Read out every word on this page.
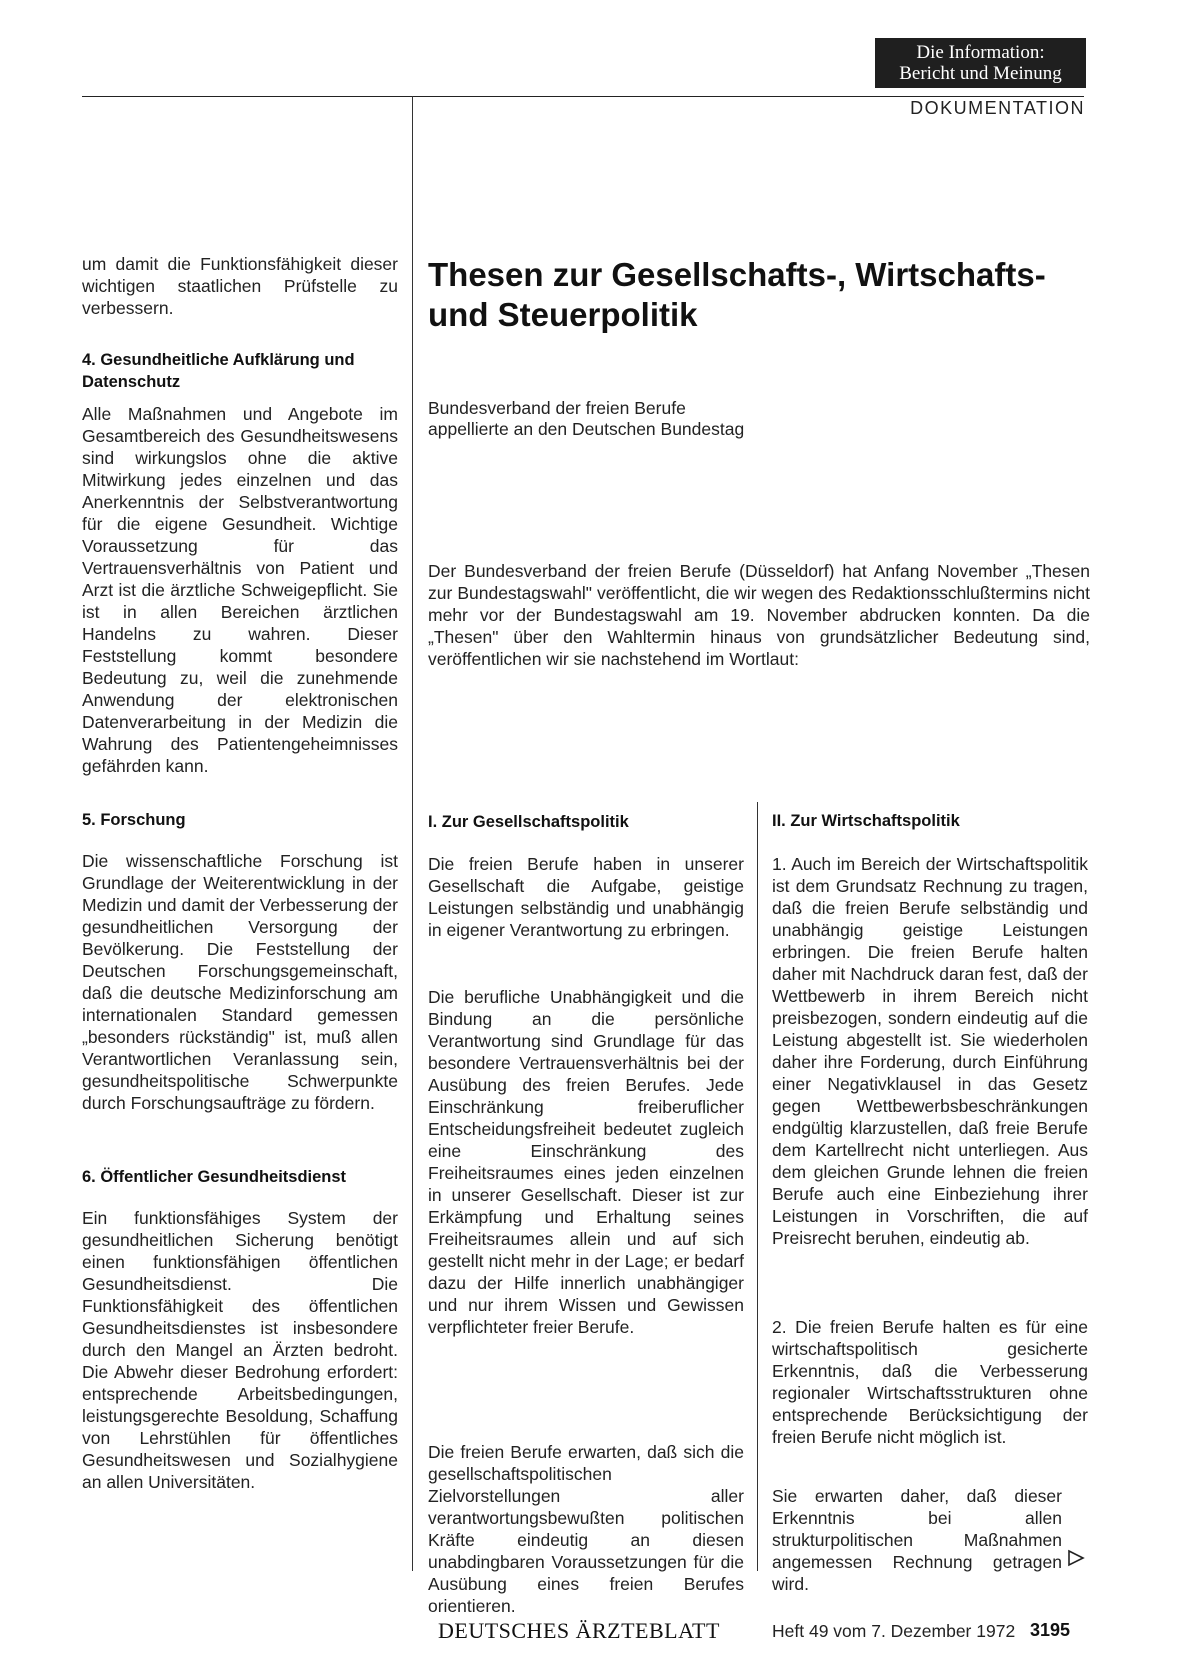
Die Information:
Bericht und Meinung
DOKUMENTATION
um damit die Funktionsfähigkeit dieser wichtigen staatlichen Prüfstelle zu verbessern.
4. Gesundheitliche Aufklärung und Datenschutz
Alle Maßnahmen und Angebote im Gesamtbereich des Gesundheitswesens sind wirkungslos ohne die aktive Mitwirkung jedes einzelnen und das Anerkenntnis der Selbstverantwortung für die eigene Gesundheit. Wichtige Voraussetzung für das Vertrauensverhältnis von Patient und Arzt ist die ärztliche Schweigepflicht. Sie ist in allen Bereichen ärztlichen Handelns zu wahren. Dieser Feststellung kommt besondere Bedeutung zu, weil die zunehmende Anwendung der elektronischen Datenverarbeitung in der Medizin die Wahrung des Patientengeheimnisses gefährden kann.
5. Forschung
Die wissenschaftliche Forschung ist Grundlage der Weiterentwicklung in der Medizin und damit der Verbesserung der gesundheitlichen Versorgung der Bevölkerung. Die Feststellung der Deutschen Forschungsgemeinschaft, daß die deutsche Medizinforschung am internationalen Standard gemessen „besonders rückständig" ist, muß allen Verantwortlichen Veranlassung sein, gesundheitspolitische Schwerpunkte durch Forschungsaufträge zu fördern.
6. Öffentlicher Gesundheitsdienst
Ein funktionsfähiges System der gesundheitlichen Sicherung benötigt einen funktionsfähigen öffentlichen Gesundheitsdienst. Die Funktionsfähigkeit des öffentlichen Gesundheitsdienstes ist insbesondere durch den Mangel an Ärzten bedroht. Die Abwehr dieser Bedrohung erfordert: entsprechende Arbeitsbedingungen, leistungsgerechte Besoldung, Schaffung von Lehrstühlen für öffentliches Gesundheitswesen und Sozialhygiene an allen Universitäten.
Thesen zur Gesellschafts-, Wirtschafts- und Steuerpolitik
Bundesverband der freien Berufe
appellierte an den Deutschen Bundestag
Der Bundesverband der freien Berufe (Düsseldorf) hat Anfang November „Thesen zur Bundestagswahl" veröffentlicht, die wir wegen des Redaktionsschlußtermins nicht mehr vor der Bundestagswahl am 19. November abdrucken konnten. Da die „Thesen" über den Wahltermin hinaus von grundsätzlicher Bedeutung sind, veröffentlichen wir sie nachstehend im Wortlaut:
I. Zur Gesellschaftspolitik
Die freien Berufe haben in unserer Gesellschaft die Aufgabe, geistige Leistungen selbständig und unabhängig in eigener Verantwortung zu erbringen.
Die berufliche Unabhängigkeit und die Bindung an die persönliche Verantwortung sind Grundlage für das besondere Vertrauensverhältnis bei der Ausübung des freien Berufes. Jede Einschränkung freiberuflicher Entscheidungsfreiheit bedeutet zugleich eine Einschränkung des Freiheitsraumes eines jeden einzelnen in unserer Gesellschaft. Dieser ist zur Erkämpfung und Erhaltung seines Freiheitsraumes allein und auf sich gestellt nicht mehr in der Lage; er bedarf dazu der Hilfe innerlich unabhängiger und nur ihrem Wissen und Gewissen verpflichteter freier Berufe.
Die freien Berufe erwarten, daß sich die gesellschaftspolitischen Zielvorstellungen aller verantwortungsbewußten politischen Kräfte eindeutig an diesen unabdingbaren Voraussetzungen für die Ausübung eines freien Berufes orientieren.
II. Zur Wirtschaftspolitik
1. Auch im Bereich der Wirtschaftspolitik ist dem Grundsatz Rechnung zu tragen, daß die freien Berufe selbständig und unabhängig geistige Leistungen erbringen. Die freien Berufe halten daher mit Nachdruck daran fest, daß der Wettbewerb in ihrem Bereich nicht preisbezogen, sondern eindeutig auf die Leistung abgestellt ist. Sie wiederholen daher ihre Forderung, durch Einführung einer Negativklausel in das Gesetz gegen Wettbewerbsbeschränkungen endgültig klarzustellen, daß freie Berufe dem Kartellrecht nicht unterliegen. Aus dem gleichen Grunde lehnen die freien Berufe auch eine Einbeziehung ihrer Leistungen in Vorschriften, die auf Preisrecht beruhen, eindeutig ab.
2. Die freien Berufe halten es für eine wirtschaftspolitisch gesicherte Erkenntnis, daß die Verbesserung regionaler Wirtschaftsstrukturen ohne entsprechende Berücksichtigung der freien Berufe nicht möglich ist.
Sie erwarten daher, daß dieser Erkenntnis bei allen strukturpolitischen Maßnahmen angemessen Rechnung getragen wird.
DEUTSCHES ÄRZTEBLATT	Heft 49 vom 7. Dezember 1972 3195
